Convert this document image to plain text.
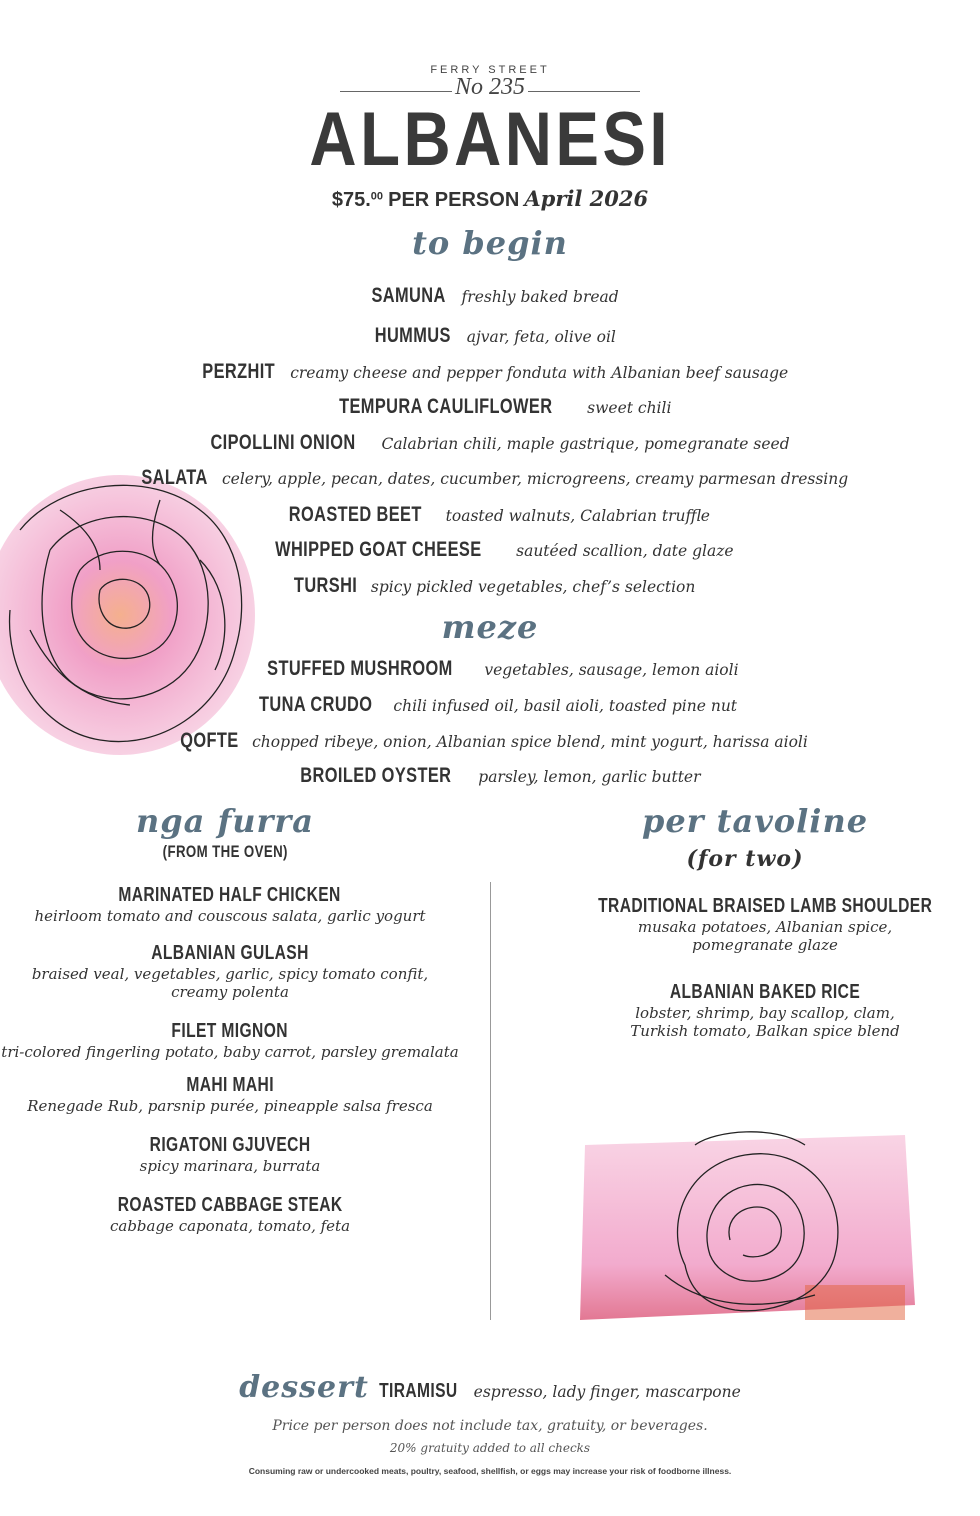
FERRY STREET
No 235
ALBANESI
$75.00 PER PERSON April 2026
to begin
SAMUNA freshly baked bread
HUMMUS ajvar, feta, olive oil
PERZHIT creamy cheese and pepper fonduta with Albanian beef sausage
TEMPURA CAULIFLOWER sweet chili
CIPOLLINI ONION Calabrian chili, maple gastrique, pomegranate seed
SALATA celery, apple, pecan, dates, cucumber, microgreens, creamy parmesan dressing
ROASTED BEET toasted walnuts, Calabrian truffle
WHIPPED GOAT CHEESE sautéed scallion, date glaze
TURSHI spicy pickled vegetables, chef’s selection
meze
STUFFED MUSHROOM vegetables, sausage, lemon aioli
TUNA CRUDO chili infused oil, basil aioli, toasted pine nut
QOFTE chopped ribeye, onion, Albanian spice blend, mint yogurt, harissa aioli
BROILED OYSTER parsley, lemon, garlic butter
nga furra
(FROM THE OVEN)
MARINATED HALF CHICKEN
heirloom tomato and couscous salata, garlic yogurt
ALBANIAN GULASH
braised veal, vegetables, garlic, spicy tomato confit,
creamy polenta
FILET MIGNON
tri-colored fingerling potato, baby carrot, parsley gremalata
MAHI MAHI
Renegade Rub, parsnip purée, pineapple salsa fresca
RIGATONI GJUVECH
spicy marinara, burrata
ROASTED CABBAGE STEAK
cabbage caponata, tomato, feta
per tavoline
(for two)
TRADITIONAL BRAISED LAMB SHOULDER
musaka potatoes, Albanian spice,
pomegranate glaze
ALBANIAN BAKED RICE
lobster, shrimp, bay scallop, clam,
Turkish tomato, Balkan spice blend
dessert TIRAMISU espresso, lady finger, mascarpone
Price per person does not include tax, gratuity, or beverages.
20% gratuity added to all checks
Consuming raw or undercooked meats, poultry, seafood, shellfish, or eggs may increase your risk of foodborne illness.
